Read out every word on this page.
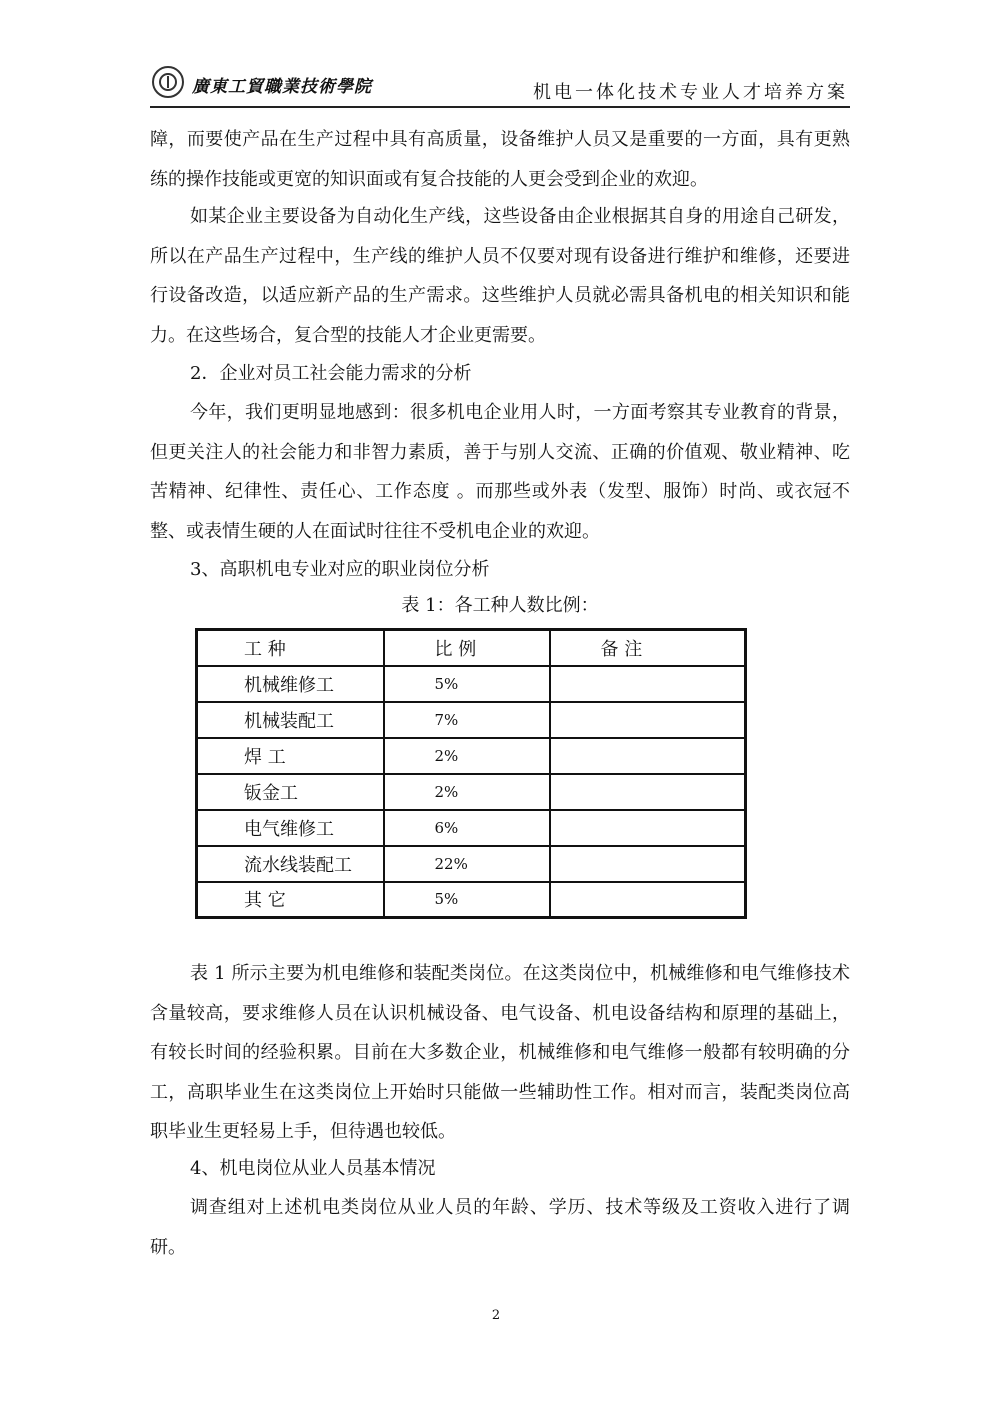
廣東工貿職業技術學院	机电一体化技术专业人才培养方案
障，而要使产品在生产过程中具有高质量，设备维护人员又是重要的一方面，具有更熟练的操作技能或更宽的知识面或有复合技能的人更会受到企业的欢迎。
如某企业主要设备为自动化生产线，这些设备由企业根据其自身的用途自己研发，所以在产品生产过程中，生产线的维护人员不仅要对现有设备进行维护和维修，还要进行设备改造，以适应新产品的生产需求。这些维护人员就必需具备机电的相关知识和能力。在这些场合，复合型的技能人才企业更需要。
2．企业对员工社会能力需求的分析
今年，我们更明显地感到：很多机电企业用人时，一方面考察其专业教育的背景，但更关注人的社会能力和非智力素质，善于与别人交流、正确的价值观、敬业精神、吃苦精神、纪律性、责任心、工作态度 。而那些或外表（发型、服饰）时尚、或衣冠不整、或表情生硬的人在面试时往往不受机电企业的欢迎。
3、高职机电专业对应的职业岗位分析
表 1：各工种人数比例：
工 种	比 例	备 注
机械维修工	5%	
机械装配工	7%	
焊 工	2%	
钣金工	2%	
电气维修工	6%	
流水线装配工	22%	
其 它	5%	
表 1 所示主要为机电维修和装配类岗位。在这类岗位中，机械维修和电气维修技术含量较高，要求维修人员在认识机械设备、电气设备、机电设备结构和原理的基础上，有较长时间的经验积累。目前在大多数企业，机械维修和电气维修一般都有较明确的分工，高职毕业生在这类岗位上开始时只能做一些辅助性工作。相对而言，装配类岗位高职毕业生更轻易上手，但待遇也较低。
4、机电岗位从业人员基本情况
调查组对上述机电类岗位从业人员的年龄、学历、技术等级及工资收入进行了调研。
2
